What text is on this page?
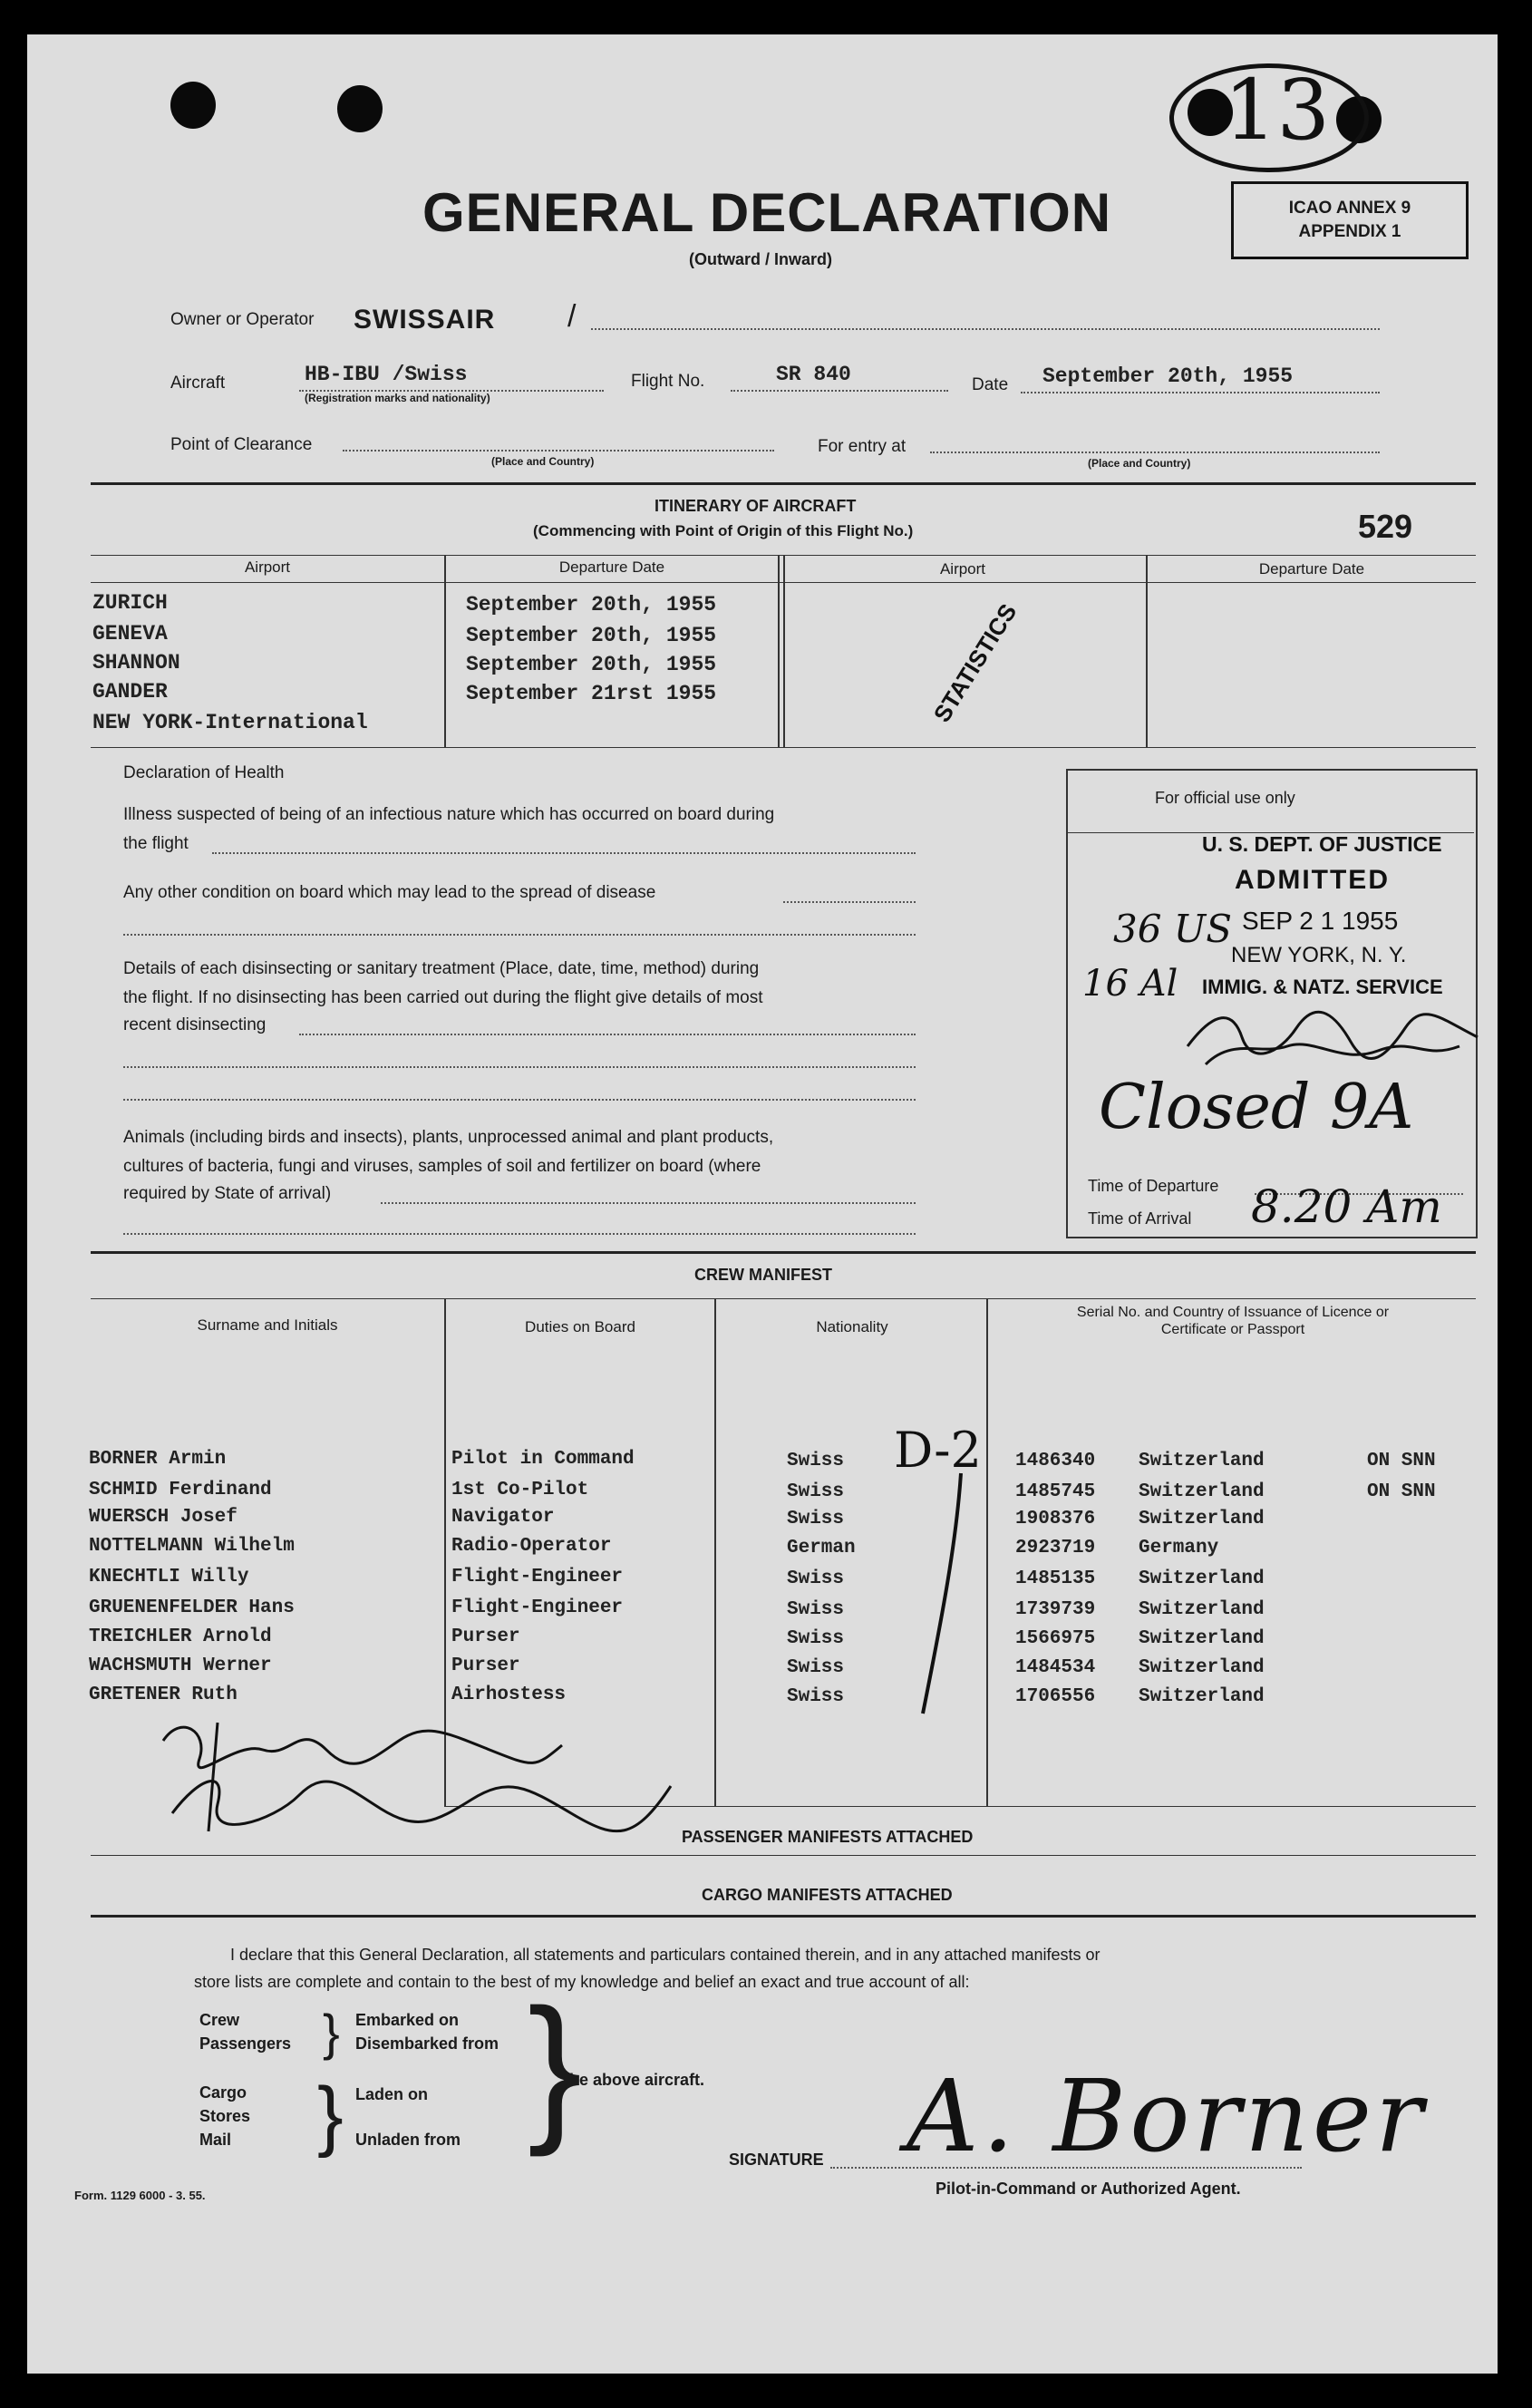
13
GENERAL DECLARATION
(Outward / Inward)
ICAO ANNEX 9
APPENDIX 1
Owner or Operator SWISSAIR /
Aircraft	HB-IBU /Swiss
(Registration marks and nationality)
Flight No.	SR 840	Date September 20th, 1955
Point of Clearance
(Place and Country)
For entry at
(Place and Country)
ITINERARY OF AIRCRAFT
(Commencing with Point of Origin of this Flight No.)	529
Airport	Departure Date	Airport	Departure Date
ZURICH	September 20th, 1955
GENEVA	September 20th, 1955
SHANNON	September 20th, 1955
GANDER	September 21rst 1955
NEW YORK-International	STATISTICS
Declaration of Health
Illness suspected of being of an infectious nature which has occurred on board during
the flight
Any other condition on board which may lead to the spread of disease
Details of each disinsecting or sanitary treatment (Place, date, time, method) during
the flight. If no disinsecting has been carried out during the flight give details of most
recent disinsecting
Animals (including birds and insects), plants, unprocessed animal and plant products,
cultures of bacteria, fungi and viruses, samples of soil and fertilizer on board (where
required by State of arrival)
For official use only
U. S. DEPT. OF JUSTICE
ADMITTED
SEP 2 1 1955
NEW YORK, N. Y.
IMMIG. & NATZ. SERVICE
36 US
16 Al
Closed 9A
Time of Departure
Time of Arrival 8.20 Am
CREW MANIFEST
Surname and Initials	Duties on Board	Nationality
Serial No. and Country of Issuance of Licence or Certificate or Passport
BORNER Armin	Pilot in Command	Swiss	1486340 Switzerland	ON SNN
SCHMID Ferdinand	1st Co-Pilot	Swiss	1485745 Switzerland	ON SNN
WUERSCH Josef	Navigator	Swiss	1908376 Switzerland
NOTTELMANN Wilhelm	Radio-Operator	German	2923719 Germany
KNECHTLI Willy	Flight-Engineer	Swiss	1485135 Switzerland
GRUENENFELDER Hans	Flight-Engineer	Swiss	1739739 Switzerland
TREICHLER Arnold	Purser	Swiss	1566975 Switzerland
WACHSMUTH Werner	Purser	Swiss	1484534 Switzerland
GRETENER Ruth	Airhostess	Swiss	1706556 Switzerland
D-2
PASSENGER MANIFESTS ATTACHED
CARGO MANIFESTS ATTACHED
I declare that this General Declaration, all statements and particulars contained therein, and in any attached manifests or
store lists are complete and contain to the best of my knowledge and belief an exact and true account of all:
Crew
Passengers
Cargo
Stores
Mail
}
}
Embarked on
Disembarked from
Laden on
Unladen from }
the above aircraft.
SIGNATURE A. Borner
Pilot-in-Command or Authorized Agent.
Form. 1129 6000 - 3. 55.
